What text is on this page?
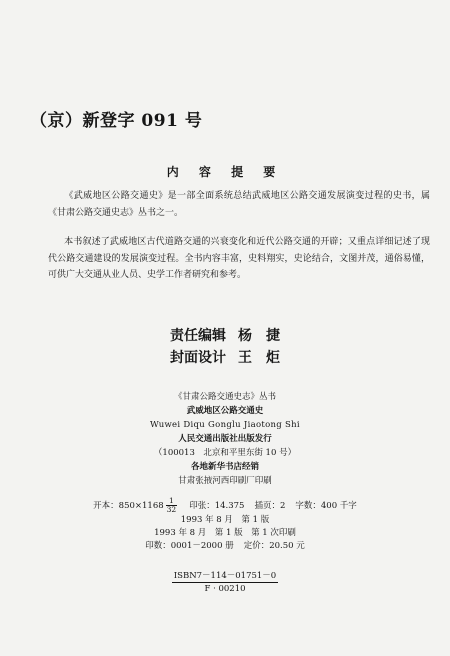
（京）新登字 091 号
内 容 提 要
《武威地区公路交通史》是一部全面系统总结武威地区公路交通发展演变过程的史书，属《甘肃公路交通史志》丛书之一。
本书叙述了武威地区古代道路交通的兴衰变化和近代公路交通的开辟；又重点详细记述了现代公路交通建设的发展演变过程。全书内容丰富，史料翔实，史论结合，文图并茂，通俗易懂，可供广大交通从业人员、史学工作者研究和参考。
责任编辑 杨　捷
封面设计 王　炬
《甘肃公路交通史志》丛书
武威地区公路交通史
Wuwei Diqu Gonglu Jiaotong Shi
人民交通出版社出版发行
（100013　北京和平里东街 10 号）
各地新华书店经销
甘肃张掖河西印刷厂印刷
开本：$850\times 1168 \frac{1}{32}$ 印张：14.375 插页：2 字数：400 千字
1993 年 8 月　第 1 版
1993 年 8 月　第 1 版　第 1 次印刷
印数：0001－2000 册 定价：20.50 元
ISBN7－114－01751－0
F · 00210
